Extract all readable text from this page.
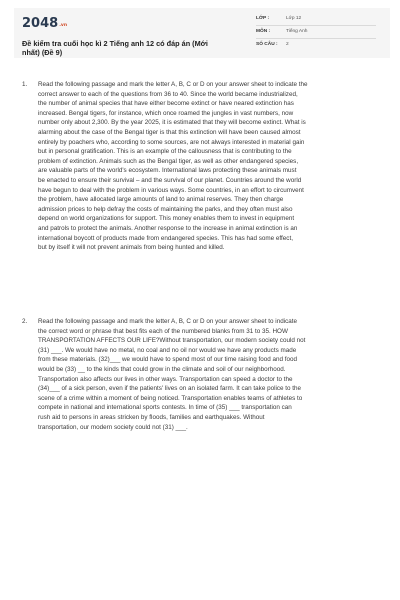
2048.vn
Đề kiểm tra cuối học kì 2 Tiếng anh 12 có đáp án (Mới
nhất) (Đề 9)
LỚP :	Lớp 12
MÔN :	Tiếng Anh
SỐ CÂU : 2
1. Read the following passage and mark the letter A, B, C or D on your answer sheet to indicate the
correct answer to each of the questions from 36 to 40. Since the world became industrialized,
the number of animal species that have either become extinct or have neared extinction has
increased. Bengal tigers, for instance, which once roamed the jungles in vast numbers, now
number only about 2,300. By the year 2025, it is estimated that they will become extinct. What is
alarming about the case of the Bengal tiger is that this extinction will have been caused almost
entirely by poachers who, according to some sources, are not always interested in material gain
but in personal gratification. This is an example of the callousness that is contributing to the
problem of extinction. Animals such as the Bengal tiger, as well as other endangered species,
are valuable parts of the world's ecosystem. International laws protecting these animals must
be enacted to ensure their survival – and the survival of our planet. Countries around the world
have begun to deal with the problem in various ways. Some countries, in an effort to circumvent
the problem, have allocated large amounts of land to animal reserves. They then charge
admission prices to help defray the costs of maintaining the parks, and they often must also
depend on world organizations for support. This money enables them to invest in equipment
and patrols to protect the animals. Another response to the increase in animal extinction is an
international boycott of products made from endangered species. This has had some effect,
but by itself it will not prevent animals from being hunted and killed.
2. Read the following passage and mark the letter A, B, C or D on your answer sheet to indicate
the correct word or phrase that best fits each of the numbered blanks from 31 to 35. HOW
TRANSPORTATION AFFECTS OUR LIFE?Without transportation, our modern society could not
(31) ___. We would have no metal, no coal and no oil nor would we have any products made
from these materials. (32)___ we would have to spend most of our time raising food and food
would be (33) __ to the kinds that could grow in the climate and soil of our neighborhood.
Transportation also affects our lives in other ways. Transportation can speed a doctor to the
(34)___ of a sick person, even if the patients' lives on an isolated farm. It can take police to the
scene of a crime within a moment of being noticed. Transportation enables teams of athletes to
compete in national and international sports contests. In time of (35) ___ transportation can
rush aid to persons in areas stricken by floods, families and earthquakes. Without
transportation, our modern society could not (31) ___.
